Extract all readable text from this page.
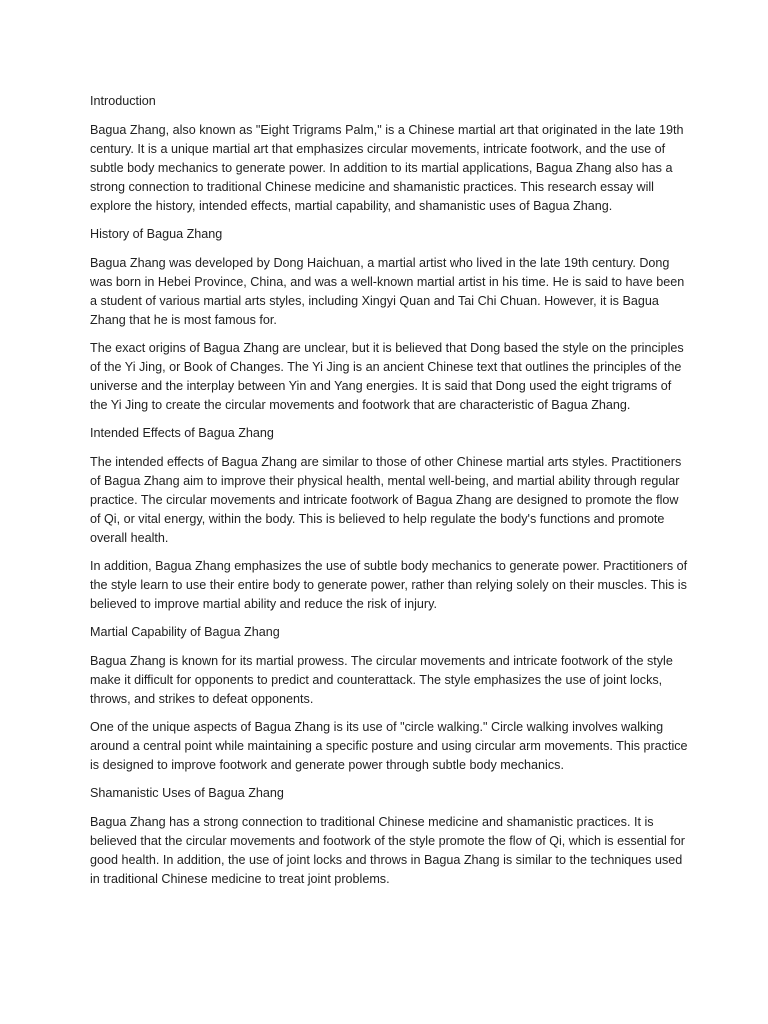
Introduction

Bagua Zhang, also known as "Eight Trigrams Palm," is a Chinese martial art that originated in the late 19th century. It is a unique martial art that emphasizes circular movements, intricate footwork, and the use of subtle body mechanics to generate power. In addition to its martial applications, Bagua Zhang also has a strong connection to traditional Chinese medicine and shamanistic practices. This research essay will explore the history, intended effects, martial capability, and shamanistic uses of Bagua Zhang.

History of Bagua Zhang

Bagua Zhang was developed by Dong Haichuan, a martial artist who lived in the late 19th century. Dong was born in Hebei Province, China, and was a well-known martial artist in his time. He is said to have been a student of various martial arts styles, including Xingyi Quan and Tai Chi Chuan. However, it is Bagua Zhang that he is most famous for.

The exact origins of Bagua Zhang are unclear, but it is believed that Dong based the style on the principles of the Yi Jing, or Book of Changes. The Yi Jing is an ancient Chinese text that outlines the principles of the universe and the interplay between Yin and Yang energies. It is said that Dong used the eight trigrams of the Yi Jing to create the circular movements and footwork that are characteristic of Bagua Zhang.

Intended Effects of Bagua Zhang

The intended effects of Bagua Zhang are similar to those of other Chinese martial arts styles. Practitioners of Bagua Zhang aim to improve their physical health, mental well-being, and martial ability through regular practice. The circular movements and intricate footwork of Bagua Zhang are designed to promote the flow of Qi, or vital energy, within the body. This is believed to help regulate the body's functions and promote overall health.

In addition, Bagua Zhang emphasizes the use of subtle body mechanics to generate power. Practitioners of the style learn to use their entire body to generate power, rather than relying solely on their muscles. This is believed to improve martial ability and reduce the risk of injury.

Martial Capability of Bagua Zhang

Bagua Zhang is known for its martial prowess. The circular movements and intricate footwork of the style make it difficult for opponents to predict and counterattack. The style emphasizes the use of joint locks, throws, and strikes to defeat opponents.

One of the unique aspects of Bagua Zhang is its use of "circle walking." Circle walking involves walking around a central point while maintaining a specific posture and using circular arm movements. This practice is designed to improve footwork and generate power through subtle body mechanics.

Shamanistic Uses of Bagua Zhang

Bagua Zhang has a strong connection to traditional Chinese medicine and shamanistic practices. It is believed that the circular movements and footwork of the style promote the flow of Qi, which is essential for good health. In addition, the use of joint locks and throws in Bagua Zhang is similar to the techniques used in traditional Chinese medicine to treat joint problems.
